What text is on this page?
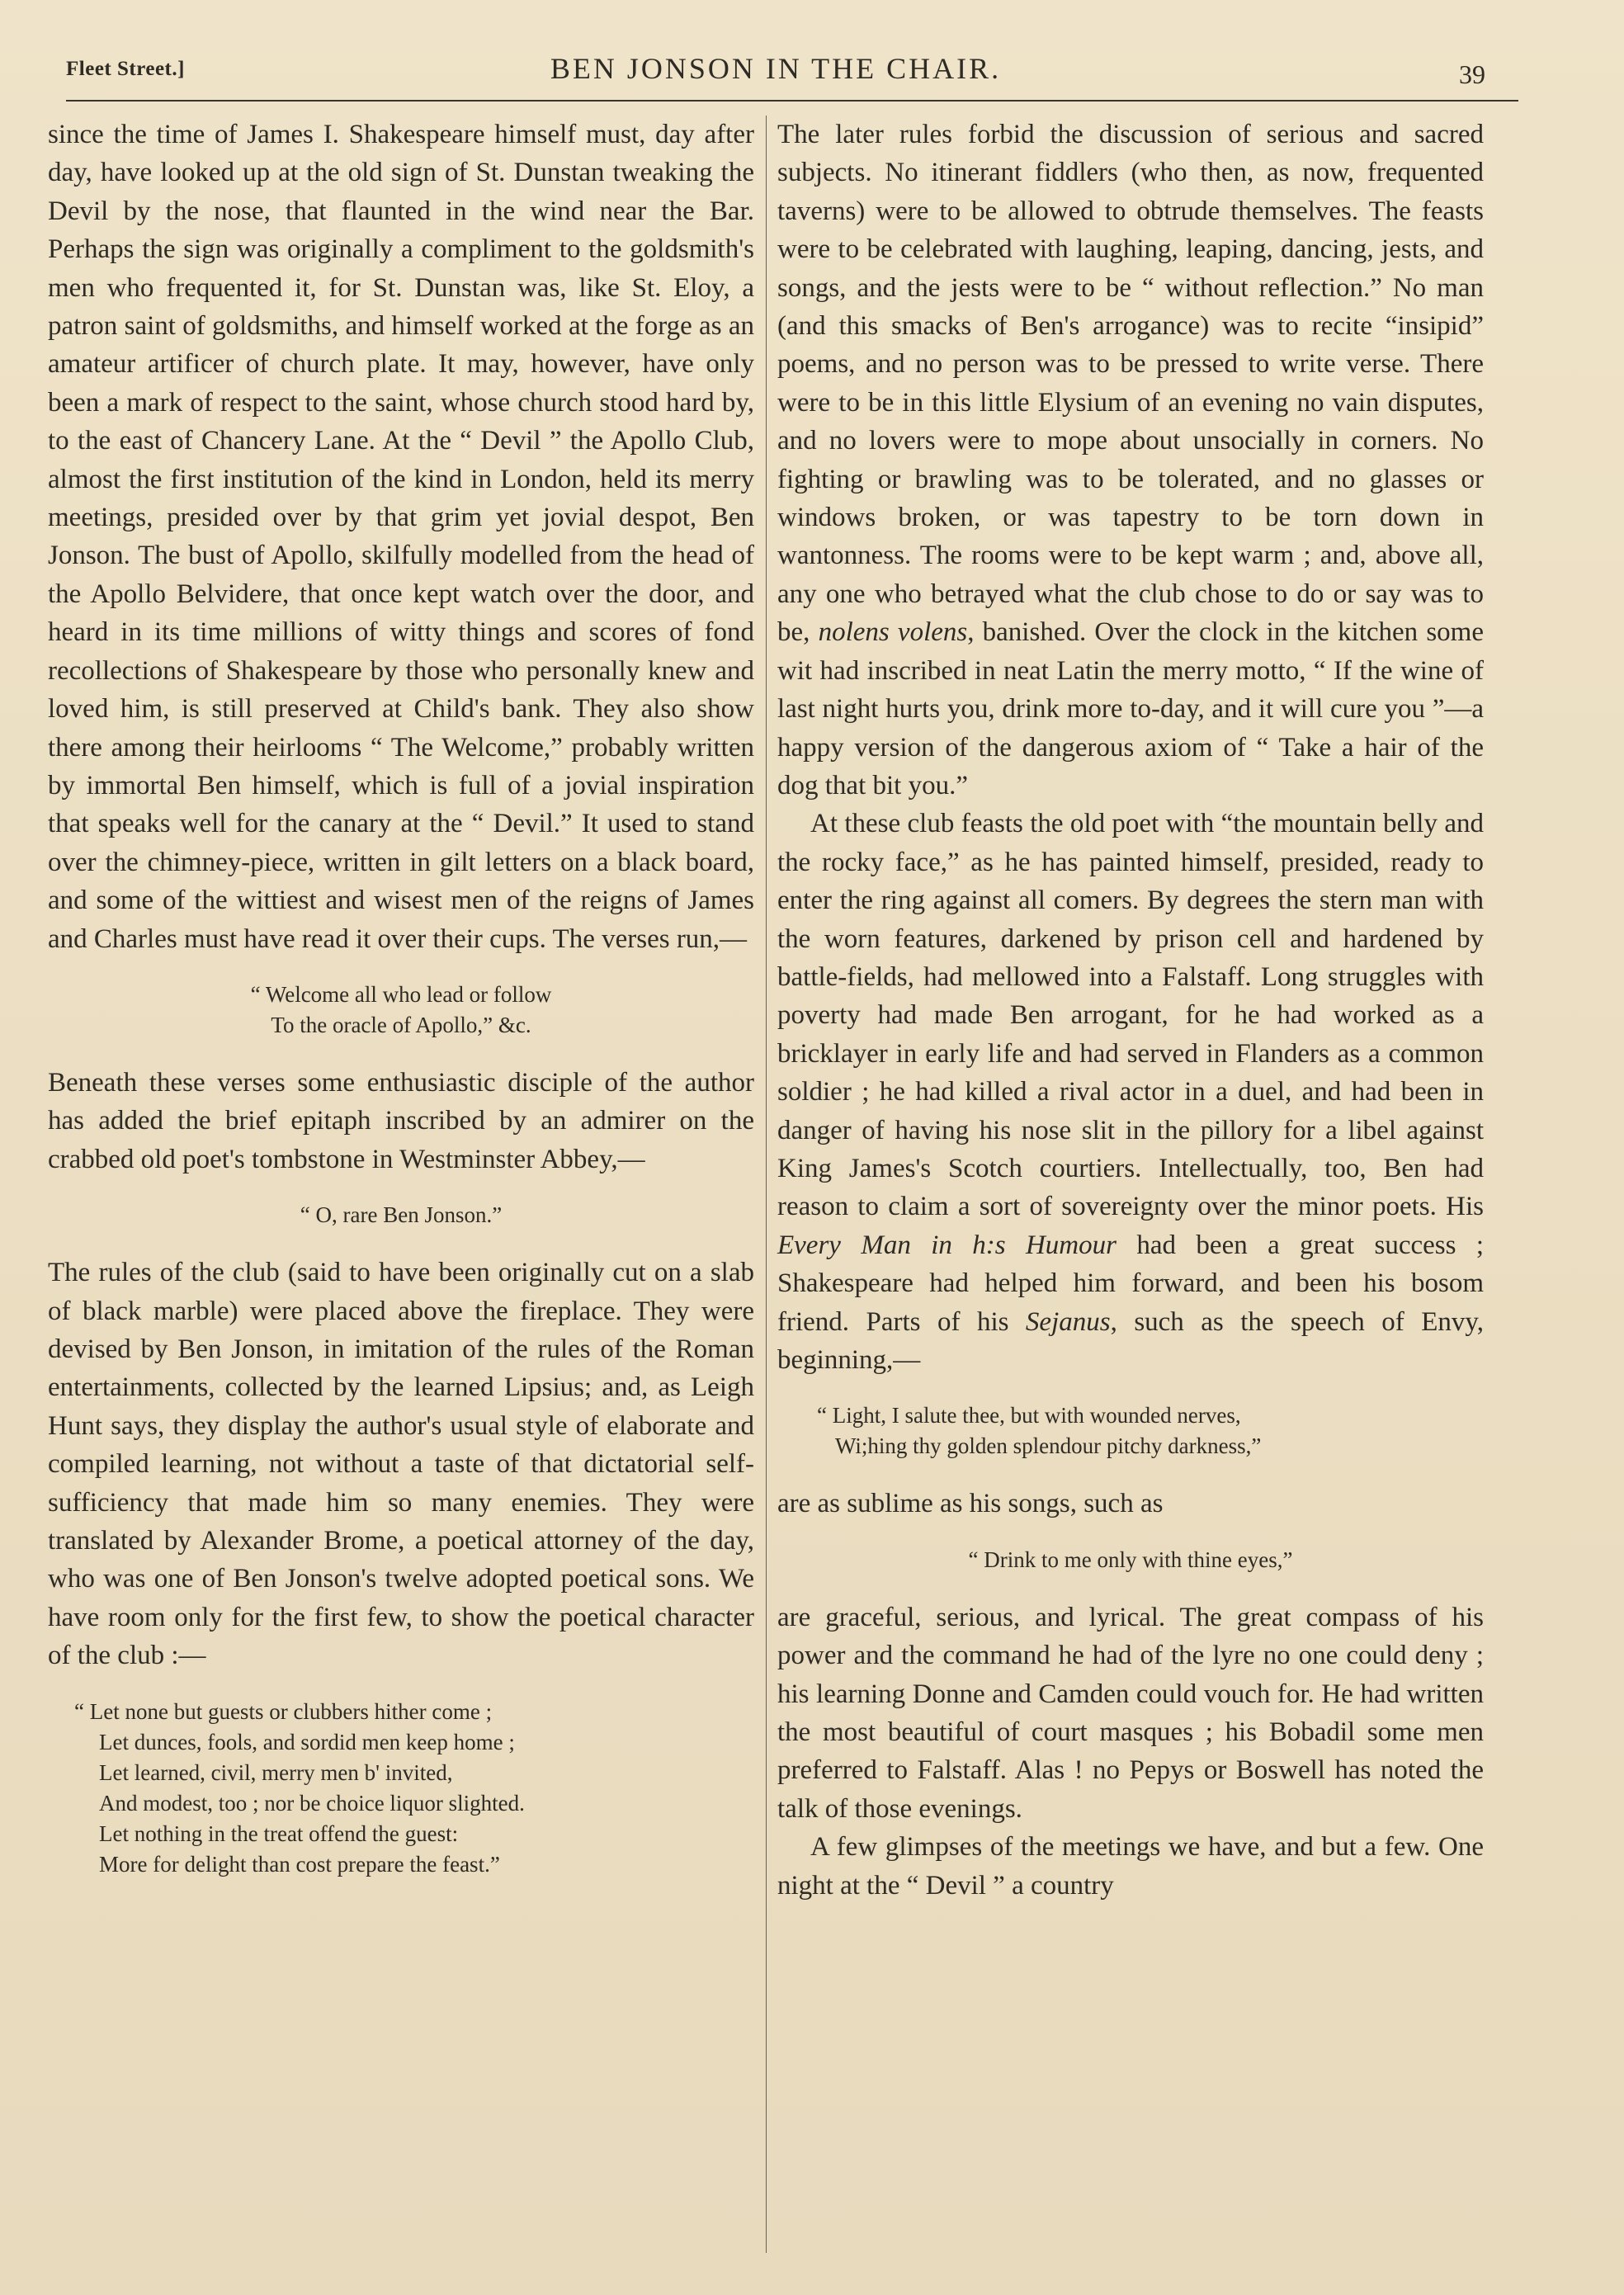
Fleet Street.]	BEN JONSON IN THE CHAIR.	39

since the time of James I. Shakespeare himself must, day after day, have looked up at the old sign of St. Dunstan tweaking the Devil by the nose, that flaunted in the wind near the Bar. Perhaps the sign was originally a compliment to the goldsmith's men who frequented it, for St. Dunstan was, like St. Eloy, a patron saint of goldsmiths, and himself worked at the forge as an amateur artificer of church plate. It may, however, have only been a mark of respect to the saint, whose church stood hard by, to the east of Chancery Lane. At the “ Devil ” the Apollo Club, almost the first institution of the kind in London, held its merry meetings, presided over by that grim yet jovial despot, Ben Jonson. The bust of Apollo, skilfully modelled from the head of the Apollo Belvidere, that once kept watch over the door, and heard in its time millions of witty things and scores of fond recollections of Shakespeare by those who personally knew and loved him, is still preserved at Child's bank. They also show there among their heirlooms “ The Welcome,” probably written by immortal Ben himself, which is full of a jovial inspiration that speaks well for the canary at the “ Devil.” It used to stand over the chimney-piece, written in gilt letters on a black board, and some of the wittiest and wisest men of the reigns of James and Charles must have read it over their cups. The verses run,—

“ Welcome all who lead or follow
To the oracle of Apollo,” &c.

Beneath these verses some enthusiastic disciple of the author has added the brief epitaph inscribed by an admirer on the crabbed old poet's tombstone in Westminster Abbey,—

“ O, rare Ben Jonson.”

The rules of the club (said to have been originally cut on a slab of black marble) were placed above the fireplace. They were devised by Ben Jonson, in imitation of the rules of the Roman entertainments, collected by the learned Lipsius; and, as Leigh Hunt says, they display the author's usual style of elaborate and compiled learning, not without a taste of that dictatorial self-sufficiency that made him so many enemies. They were translated by Alexander Brome, a poetical attorney of the day, who was one of Ben Jonson's twelve adopted poetical sons. We have room only for the first few, to show the poetical character of the club :—

“ Let none but guests or clubbers hither come ;
Let dunces, fools, and sordid men keep home ;
Let learned, civil, merry men b' invited,
And modest, too ; nor be choice liquor slighted.
Let nothing in the treat offend the guest:
More for delight than cost prepare the feast.”

The later rules forbid the discussion of serious and sacred subjects. No itinerant fiddlers (who then, as now, frequented taverns) were to be allowed to obtrude themselves. The feasts were to be celebrated with laughing, leaping, dancing, jests, and songs, and the jests were to be “ without reflection.” No man (and this smacks of Ben's arrogance) was to recite “insipid” poems, and no person was to be pressed to write verse. There were to be in this little Elysium of an evening no vain disputes, and no lovers were to mope about unsocially in corners. No fighting or brawling was to be tolerated, and no glasses or windows broken, or was tapestry to be torn down in wantonness. The rooms were to be kept warm ; and, above all, any one who betrayed what the club chose to do or say was to be, nolens volens, banished. Over the clock in the kitchen some wit had inscribed in neat Latin the merry motto, “ If the wine of last night hurts you, drink more to-day, and it will cure you ”—a happy version of the dangerous axiom of “ Take a hair of the dog that bit you.”

At these club feasts the old poet with “the mountain belly and the rocky face,” as he has painted himself, presided, ready to enter the ring against all comers. By degrees the stern man with the worn features, darkened by prison cell and hardened by battle-fields, had mellowed into a Falstaff. Long struggles with poverty had made Ben arrogant, for he had worked as a bricklayer in early life and had served in Flanders as a common soldier ; he had killed a rival actor in a duel, and had been in danger of having his nose slit in the pillory for a libel against King James's Scotch courtiers. Intellectually, too, Ben had reason to claim a sort of sovereignty over the minor poets. His Every Man in h:s Humour had been a great success ; Shakespeare had helped him forward, and been his bosom friend. Parts of his Sejanus, such as the speech of Envy, beginning,—

“ Light, I salute thee, but with wounded nerves,
Wi;hing thy golden splendour pitchy darkness,”

are as sublime as his songs, such as

“ Drink to me only with thine eyes,”

are graceful, serious, and lyrical. The great compass of his power and the command he had of the lyre no one could deny ; his learning Donne and Camden could vouch for. He had written the most beautiful of court masques ; his Bobadil some men preferred to Falstaff. Alas ! no Pepys or Boswell has noted the talk of those evenings.

A few glimpses of the meetings we have, and but a few. One night at the “ Devil ” a country
